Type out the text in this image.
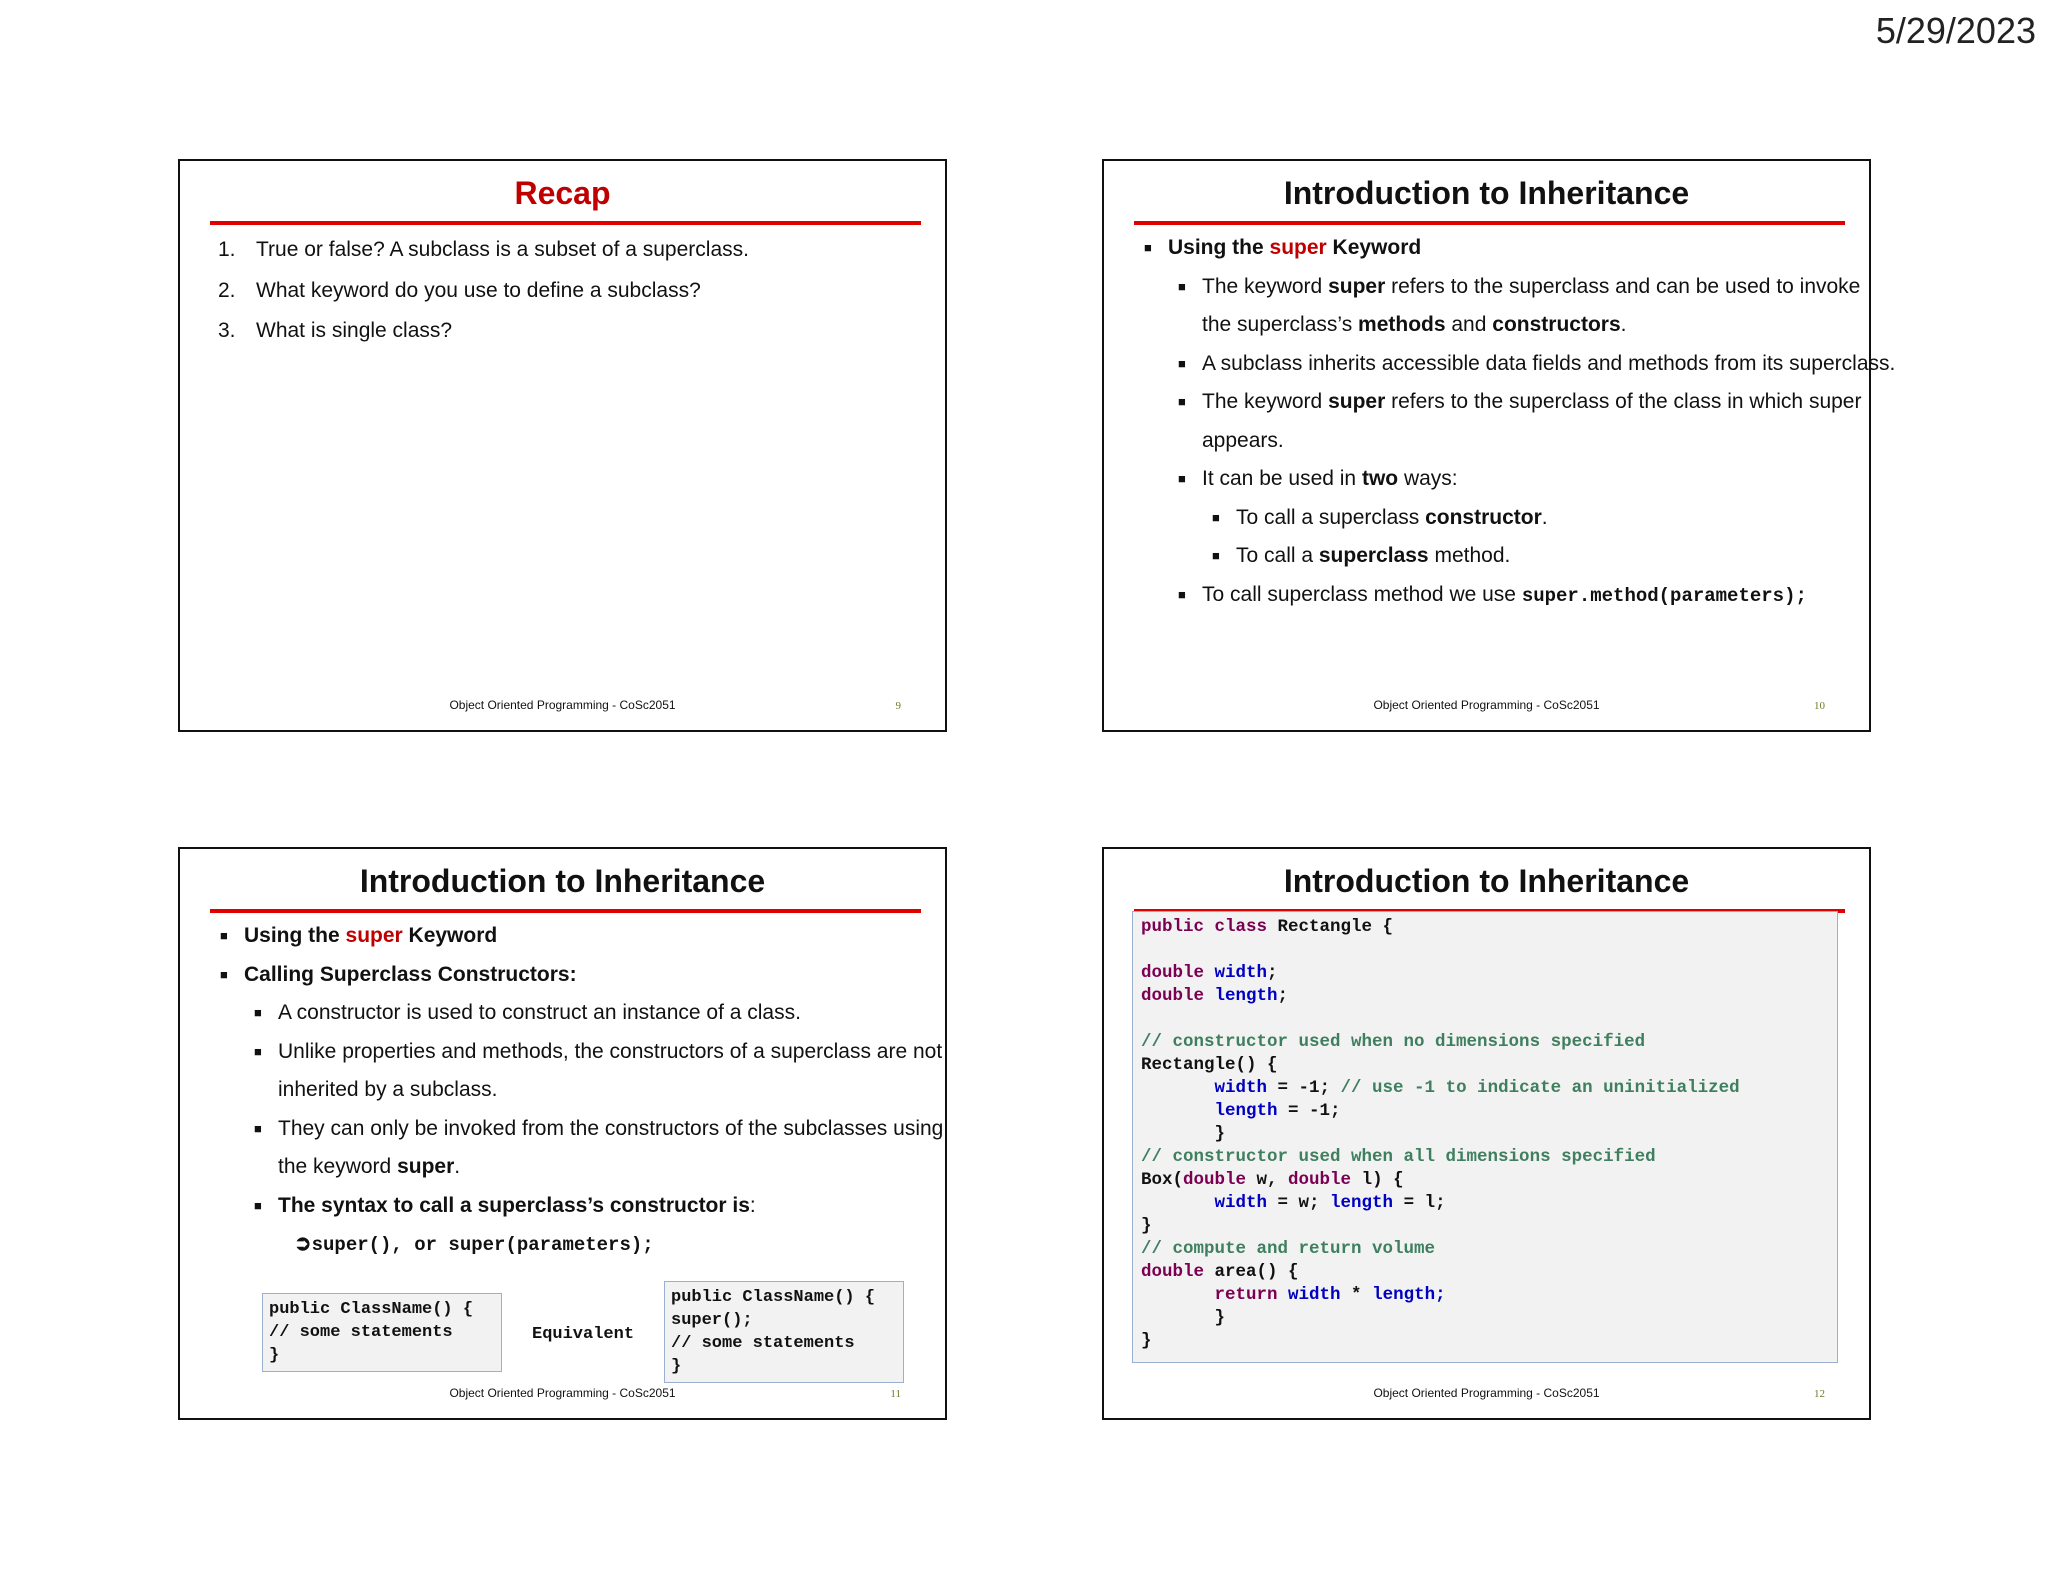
5/29/2023
Recap
1. True or false? A subclass is a subset of a superclass.
2. What keyword do you use to define a subclass?
3. What is single class?
Object Oriented Programming - CoSc2051	9
Introduction to Inheritance
■ Using the super Keyword
■ The keyword super refers to the superclass and can be used to invoke
the superclass’s methods and constructors.
■ A subclass inherits accessible data fields and methods from its superclass.
■ The keyword super refers to the superclass of the class in which super
appears.
■ It can be used in two ways:
■ To call a superclass constructor.
■ To call a superclass method.
■ To call superclass method we use super.method(parameters);
Object Oriented Programming - CoSc2051	10
Introduction to Inheritance
■ Using the super Keyword
■ Calling Superclass Constructors:
■ A constructor is used to construct an instance of a class.
■ Unlike properties and methods, the constructors of a superclass are not
inherited by a subclass.
■ They can only be invoked from the constructors of the subclasses using
the keyword super.
■ The syntax to call a superclass’s constructor is:
➲super(), or super(parameters);
public ClassName() {
// some statements
}
Equivalent
public ClassName() {
super();
// some statements
}
Object Oriented Programming - CoSc2051	11
Introduction to Inheritance
public class Rectangle {

double width;
double length;

// constructor used when no dimensions specified
Rectangle() {
width = -1; // use -1 to indicate an uninitialized
length = -1;
}
// constructor used when all dimensions specified
Box(double w, double l) {
width = w; length = l;
}
// compute and return volume
double area() {
return width * length;
}
}
Object Oriented Programming - CoSc2051	12
